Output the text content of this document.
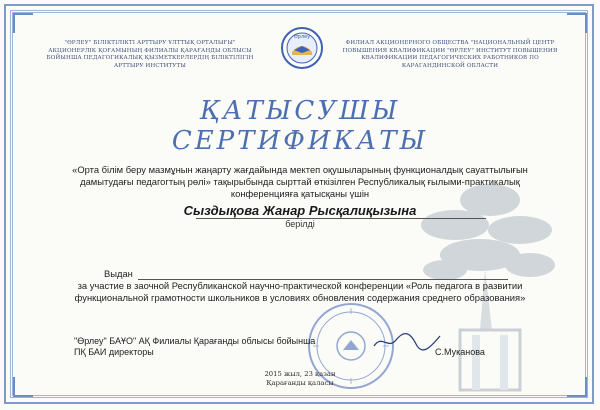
"ӨРЛЕУ" БІЛІКТІЛІКТІ АРТТЫРУ ҰЛТТЫҚ ОРТАЛЫҒЫ" АКЦИОНЕРЛІК ҚОҒАМЫНЫҢ ФИЛИАЛЫ ҚАРАҒАНДЫ ОБЛЫСЫ БОЙЫНША ПЕДАГОГИКАЛЫҚ ҚЫЗМЕТКЕРЛЕРДІҢ БІЛІКТІЛІГІН АРТТЫРУ ИНСТИТУТЫ
Өрлеу
ФИЛИАЛ АКЦИОНЕРНОГО ОБЩЕСТВА "НАЦИОНАЛЬНЫЙ ЦЕНТР ПОВЫШЕНИЯ КВАЛИФИКАЦИИ "ӨРЛЕУ" ИНСТИТУТ ПОВЫШЕНИЯ КВАЛИФИКАЦИИ ПЕДАГОГИЧЕСКИХ РАБОТНИКОВ ПО КАРАГАНДИНСКОЙ ОБЛАСТИ
ҚАТЫСУШЫ
СЕРТИФИКАТЫ
«Орта білім беру мазмұнын жаңарту жағдайында мектеп оқушыларының функционалдық сауаттылығын дамытудағы педагогтың рөлі» тақырыбында сырттай өткізілген Республикалық ғылыми-практикалық конференцияға қатысқаны үшін
Сыздықова Жанар Рысқалиқызына
берілді
Выдан
за участие в заочной Республиканской научно-практической конференции «Роль педагога в развитии функциональной грамотности школьников в условиях обновления содержания среднего образования»
"Өрлеу" БАҰО" АҚ Филиалы Қарағанды облысы бойынша
ПҚ БАИ директоры	С.Муканова
2015 жыл, 23 қазан
Қарағанды қаласы
